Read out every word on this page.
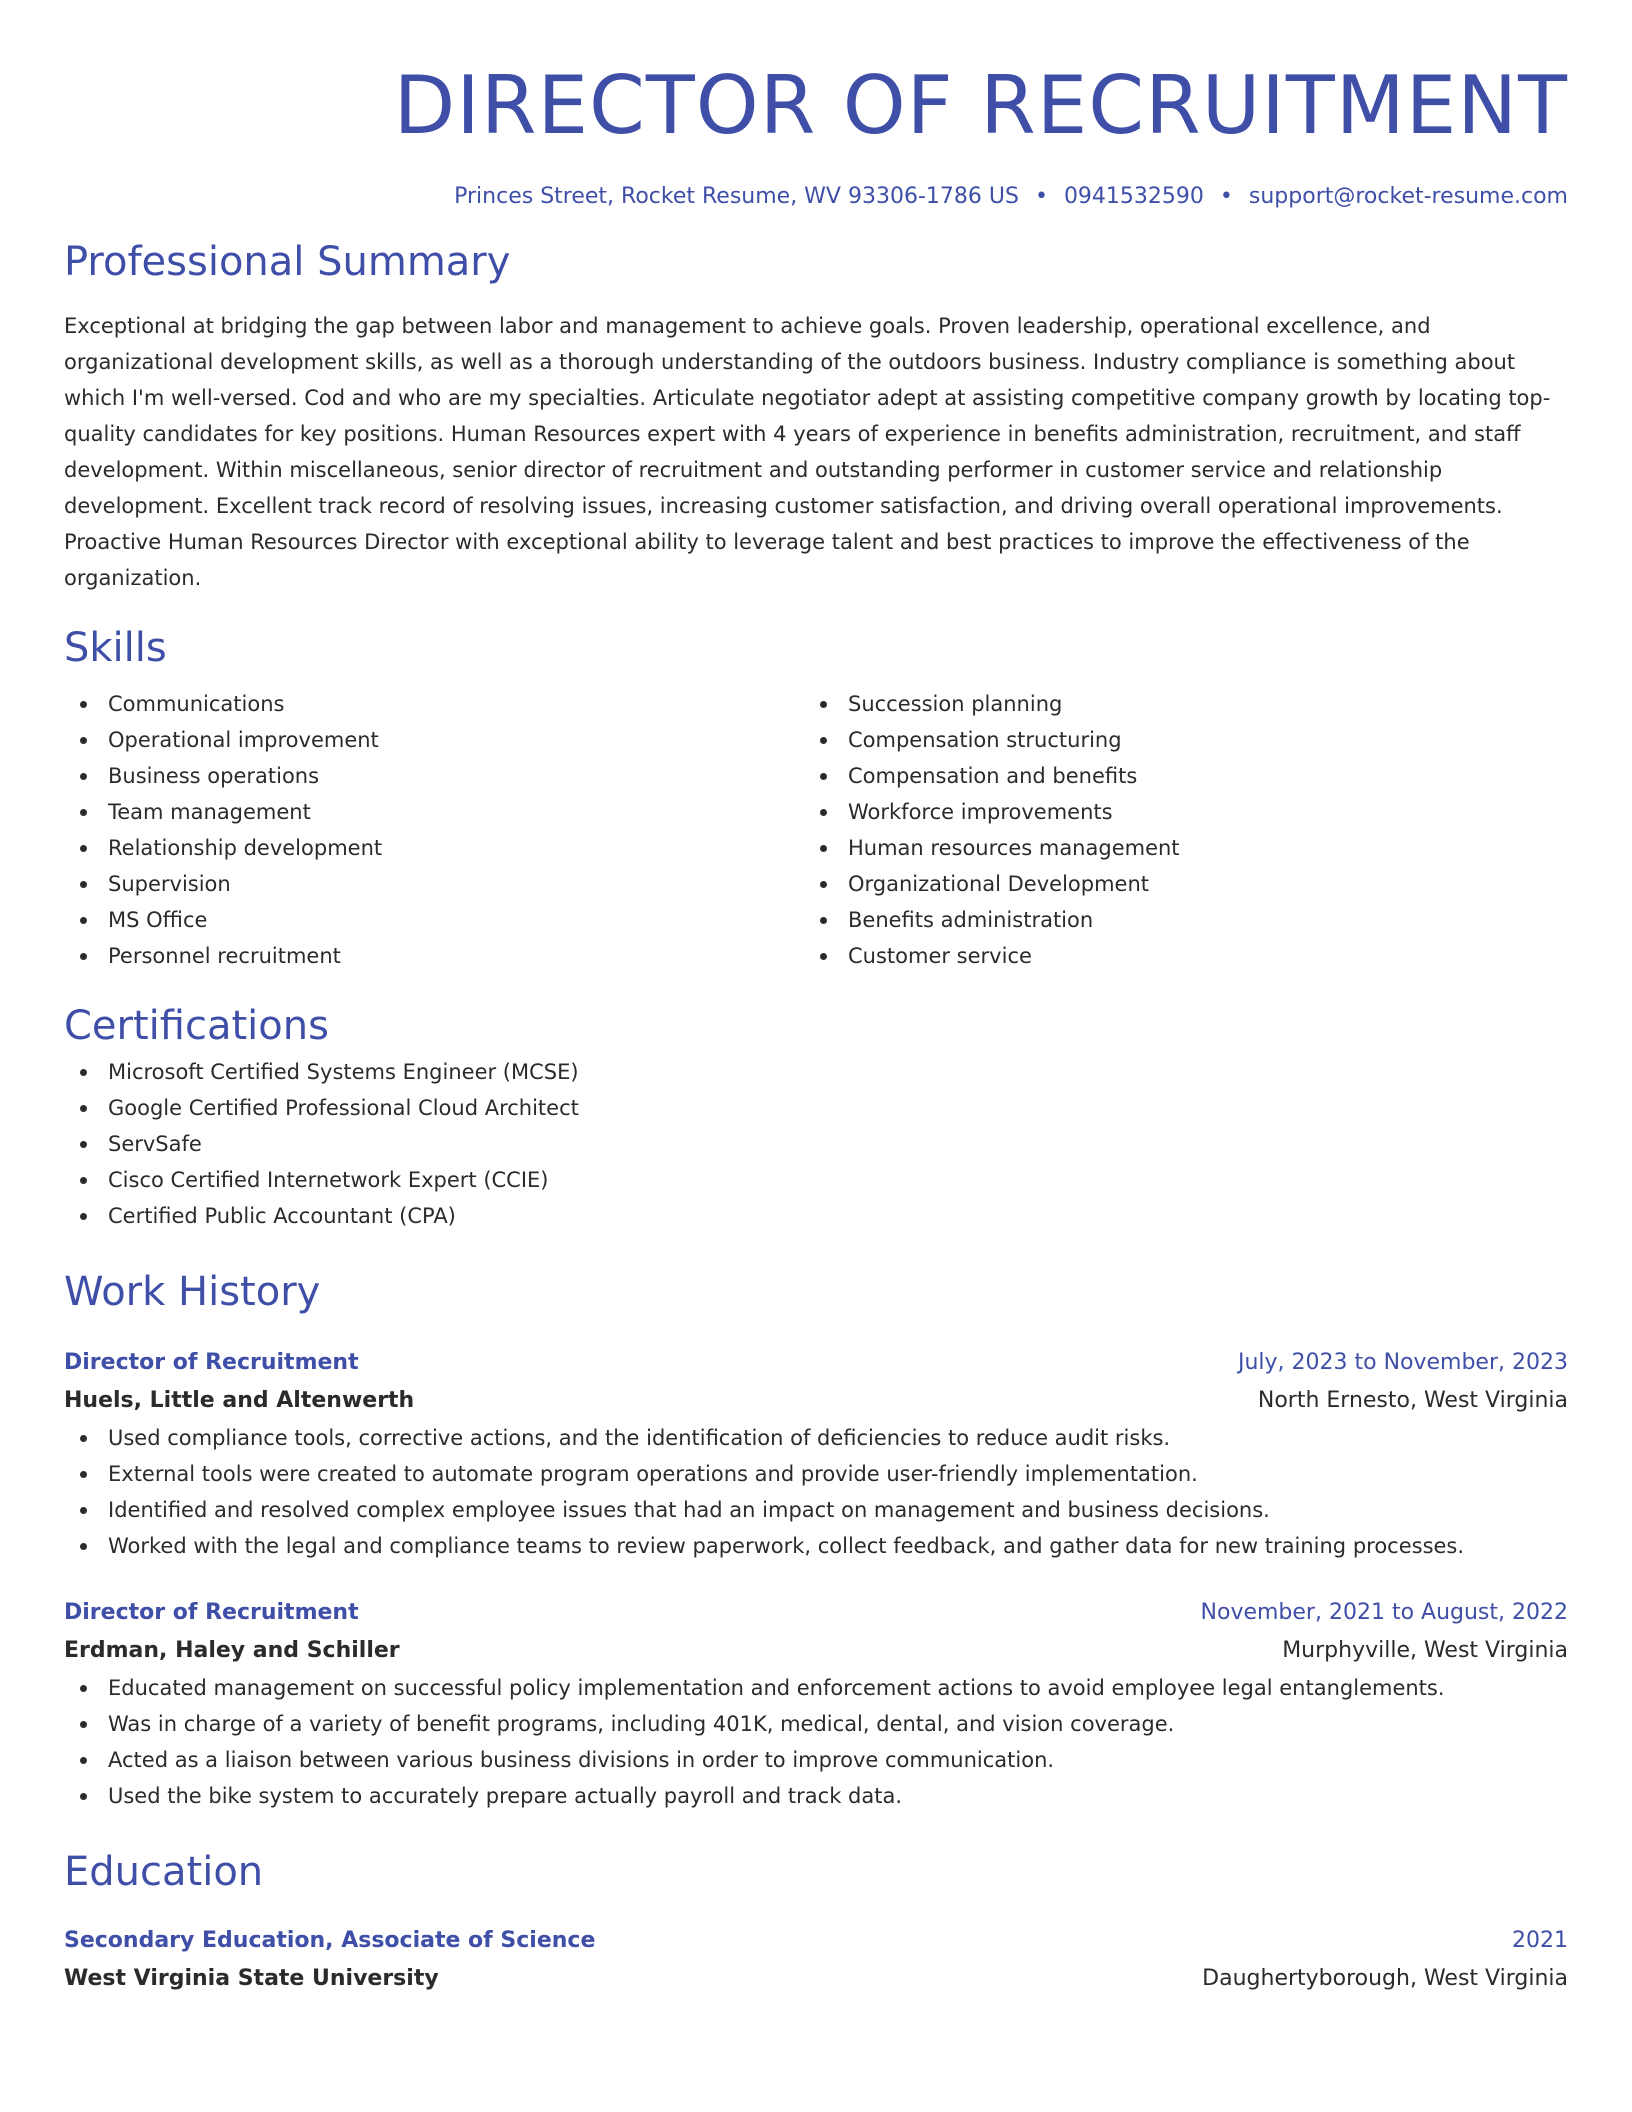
DIRECTOR OF RECRUITMENT
Princes Street, Rocket Resume, WV 93306-1786 US • 0941532590 • support@rocket-resume.com
Professional Summary

Exceptional at bridging the gap between labor and management to achieve goals. Proven leadership, operational excellence, and organizational development skills, as well as a thorough understanding of the outdoors business. Industry compliance is something about which I'm well-versed. Cod and who are my specialties. Articulate negotiator adept at assisting competitive company growth by locating top-quality candidates for key positions. Human Resources expert with 4 years of experience in benefits administration, recruitment, and staff development. Within miscellaneous, senior director of recruitment and outstanding performer in customer service and relationship development. Excellent track record of resolving issues, increasing customer satisfaction, and driving overall operational improvements. Proactive Human Resources Director with exceptional ability to leverage talent and best practices to improve the effectiveness of the organization.

Skills
Communications
Operational improvement
Business operations
Team management
Relationship development
Supervision
MS Office
Personnel recruitment
Succession planning
Compensation structuring
Compensation and benefits
Workforce improvements
Human resources management
Organizational Development
Benefits administration
Customer service
Certifications
Microsoft Certified Systems Engineer (MCSE)
Google Certified Professional Cloud Architect
ServSafe
Cisco Certified Internetwork Expert (CCIE)
Certified Public Accountant (CPA)
Work History
Director of Recruitment	July, 2023 to November, 2023
Huels, Little and Altenwerth	North Ernesto, West Virginia
Used compliance tools, corrective actions, and the identification of deficiencies to reduce audit risks.
External tools were created to automate program operations and provide user-friendly implementation.
Identified and resolved complex employee issues that had an impact on management and business decisions.
Worked with the legal and compliance teams to review paperwork, collect feedback, and gather data for new training processes.
Director of Recruitment	November, 2021 to August, 2022
Erdman, Haley and Schiller	Murphyville, West Virginia
Educated management on successful policy implementation and enforcement actions to avoid employee legal entanglements.
Was in charge of a variety of benefit programs, including 401K, medical, dental, and vision coverage.
Acted as a liaison between various business divisions in order to improve communication.
Used the bike system to accurately prepare actually payroll and track data.
Education
Secondary Education, Associate of Science	2021
West Virginia State University	Daughertyborough, West Virginia
